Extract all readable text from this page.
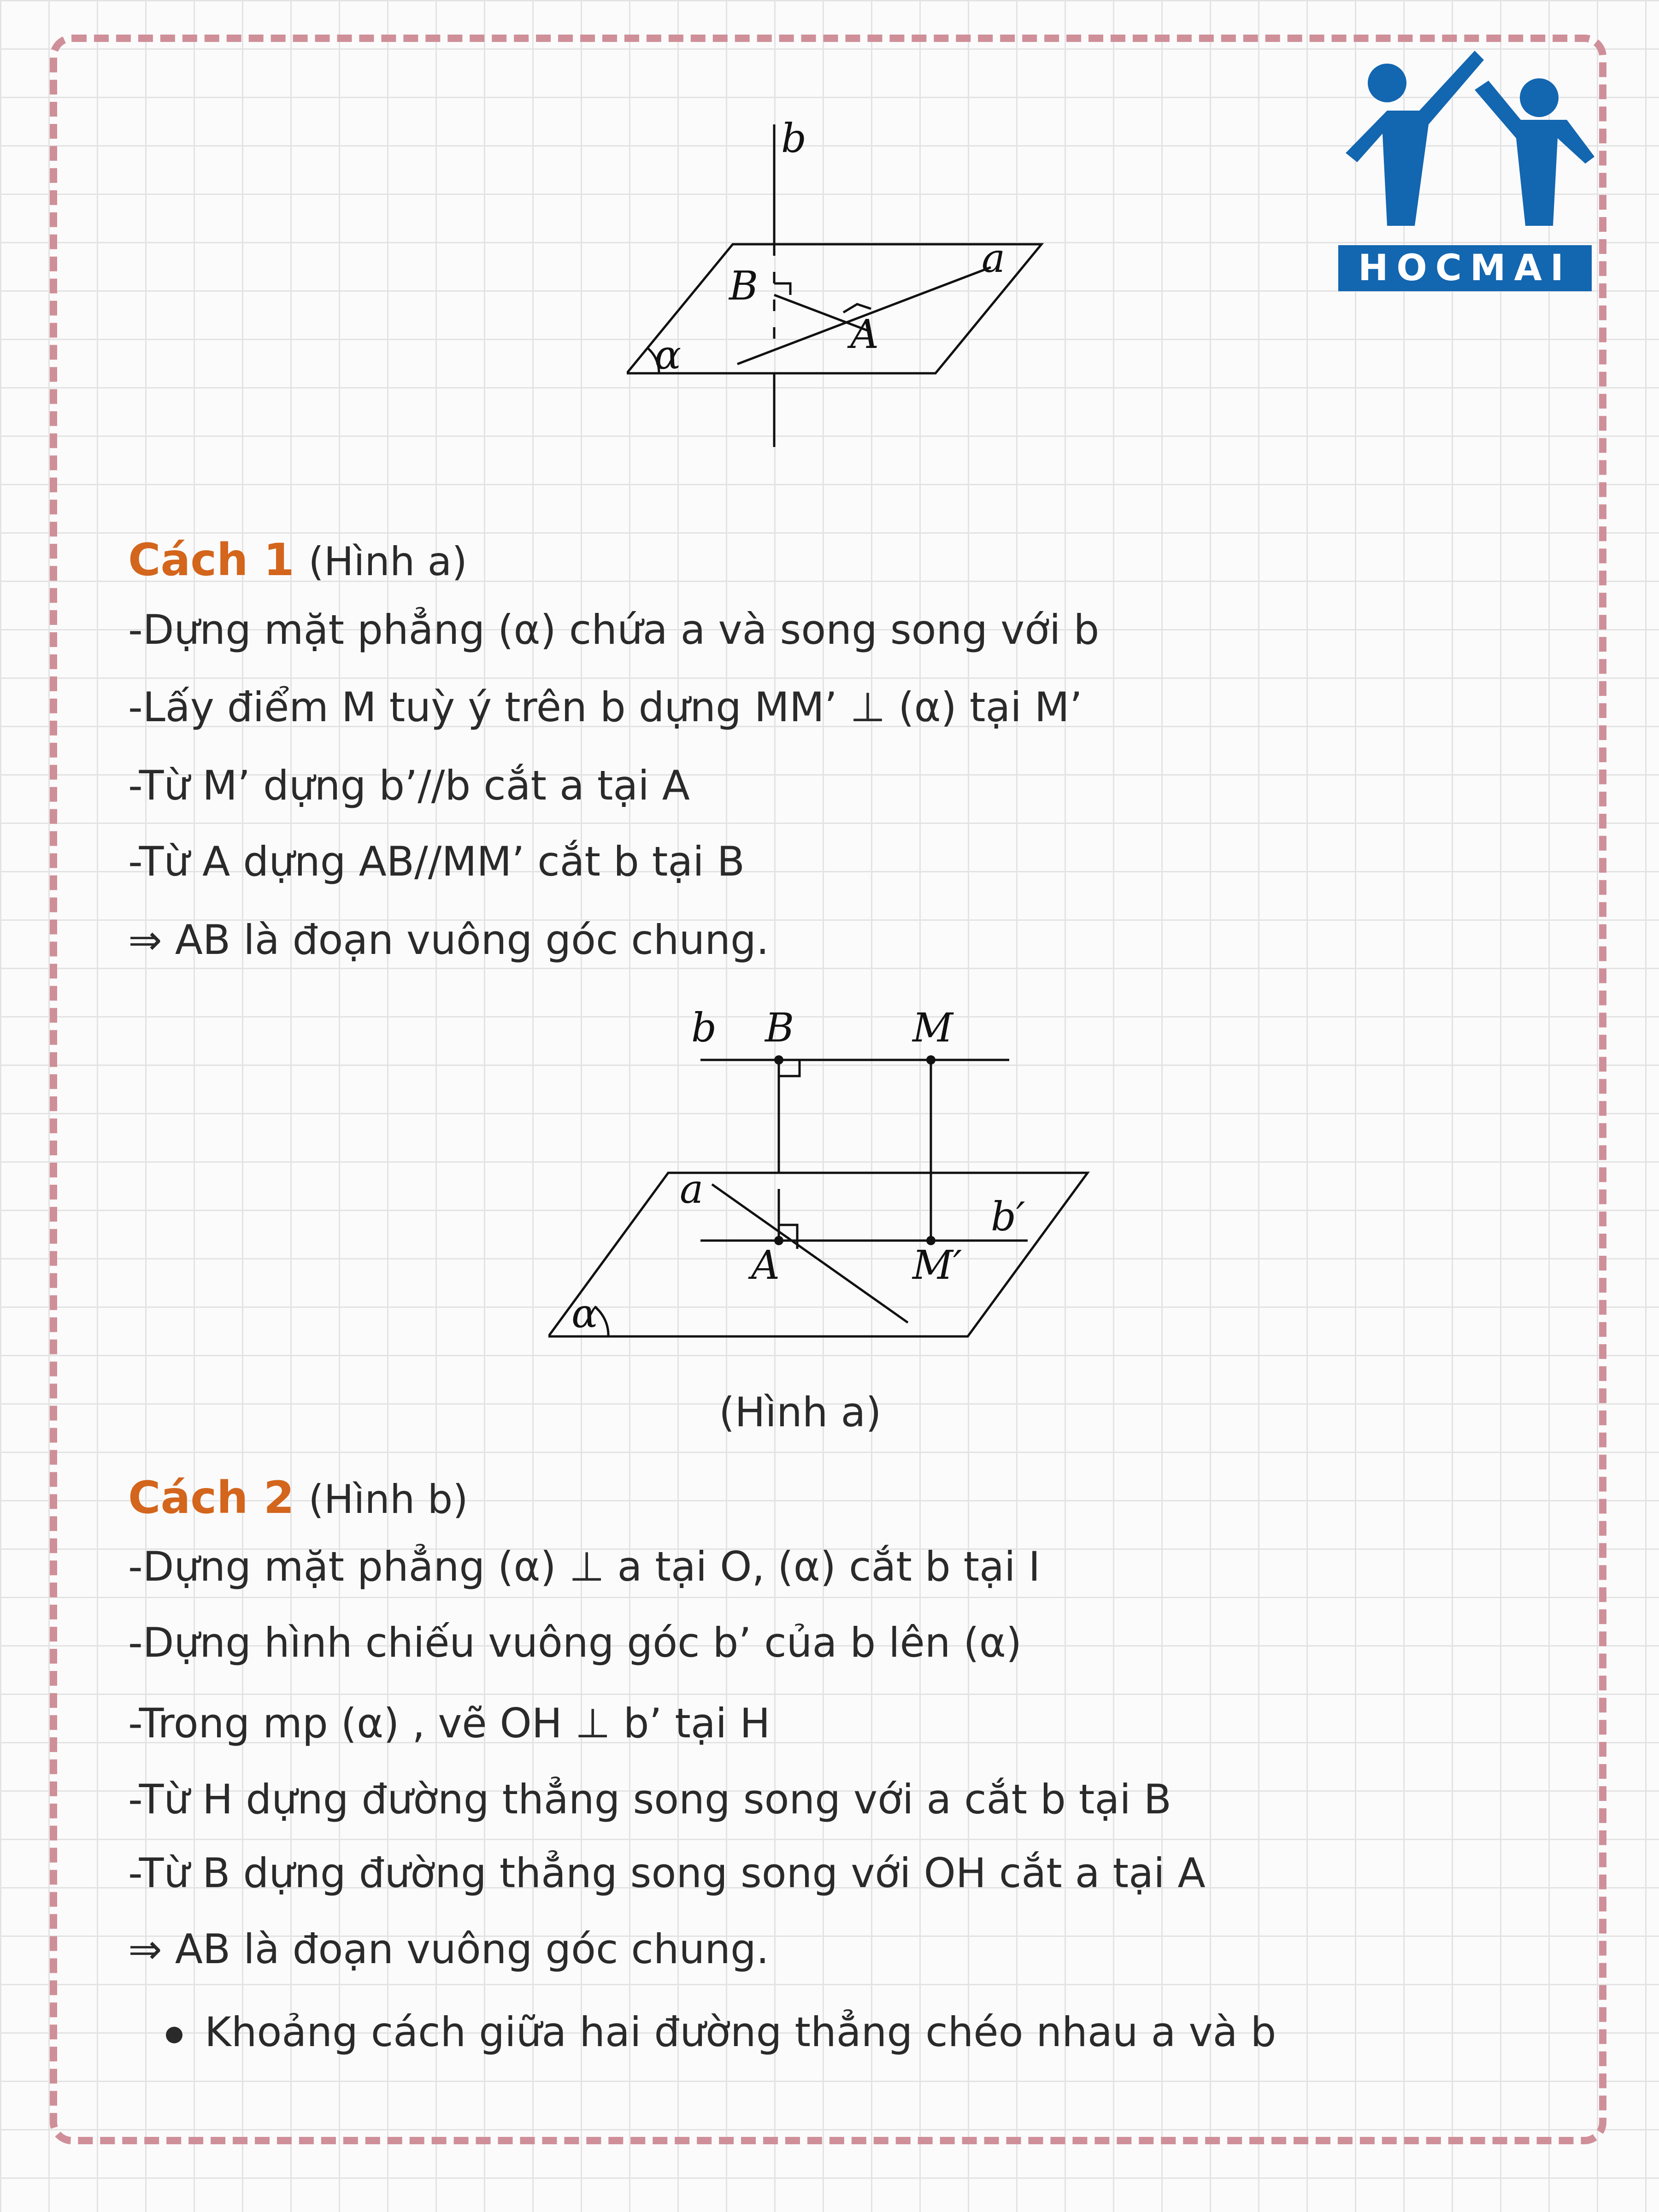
HOCMAI
b
a
B
A
α
Cách 1 (Hình a)
-Dựng mặt phẳng (α) chứa a và song song với b
-Lấy điểm M tuỳ ý trên b dựng MM’ ⊥ (α) tại M’
-Từ M’ dựng b’//b cắt a tại A
-Từ A dựng AB//MM’ cắt b tại B
⇒ AB là đoạn vuông góc chung.
b B	M
a
b′
A	M′
α
(Hình a)
Cách 2 (Hình b)
-Dựng mặt phẳng (α) ⊥ a tại O, (α) cắt b tại I
-Dựng hình chiếu vuông góc b’ của b lên (α)
-Trong mp (α) , vẽ OH ⊥ b’ tại H
-Từ H dựng đường thẳng song song với a cắt b tại B
-Từ B dựng đường thẳng song song với OH cắt a tại A
⇒ AB là đoạn vuông góc chung.
Khoảng cách giữa hai đường thẳng chéo nhau a và b
